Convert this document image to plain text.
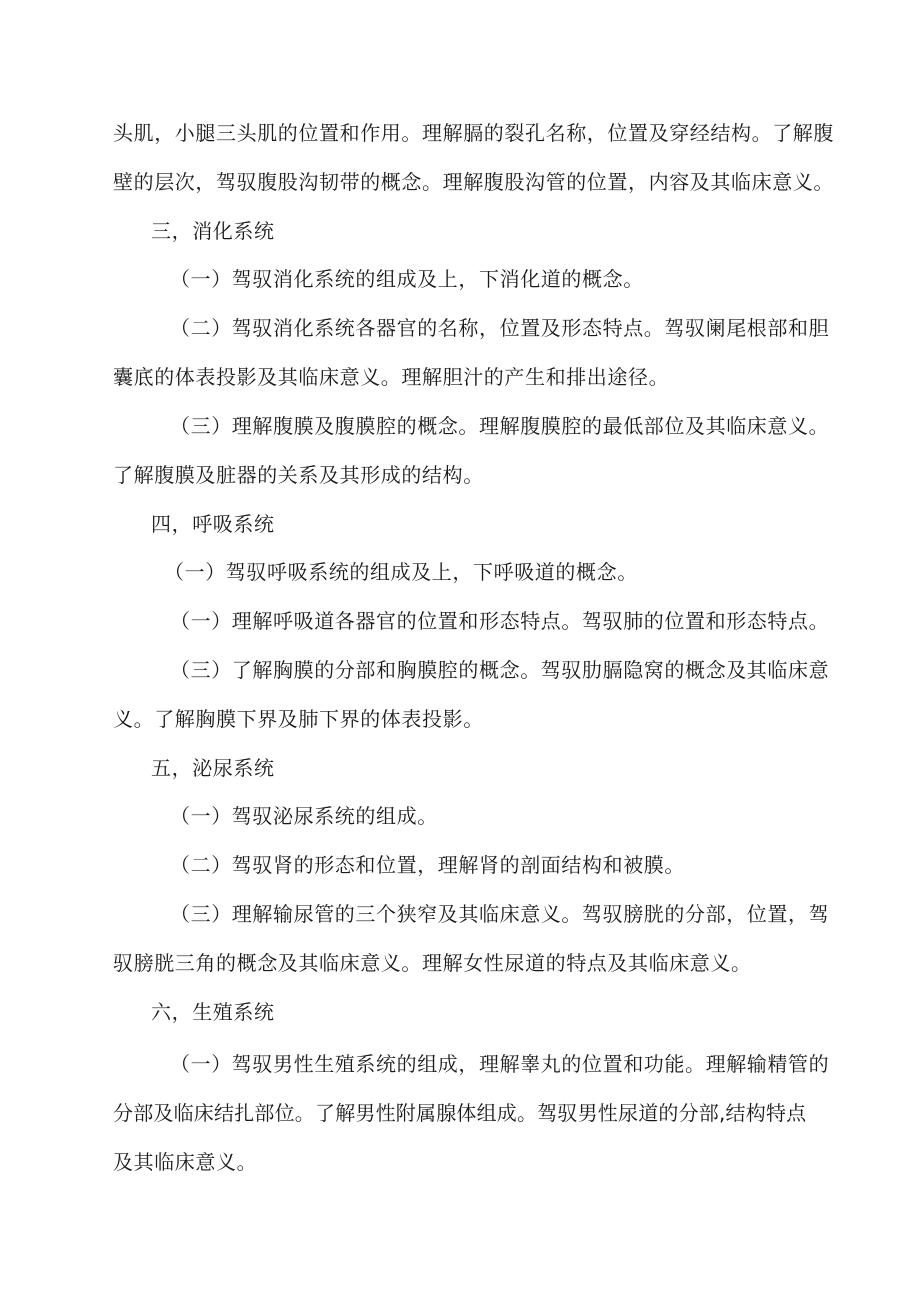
头肌，小腿三头肌的位置和作用。理解膈的裂孔名称，位置及穿经结构。了解腹

壁的层次，驾驭腹股沟韧带的概念。理解腹股沟管的位置，内容及其临床意义。

三，消化系统

（一）驾驭消化系统的组成及上，下消化道的概念。

（二）驾驭消化系统各器官的名称，位置及形态特点。驾驭阑尾根部和胆

囊底的体表投影及其临床意义。理解胆汁的产生和排出途径。

（三）理解腹膜及腹膜腔的概念。理解腹膜腔的最低部位及其临床意义。

了解腹膜及脏器的关系及其形成的结构。

四，呼吸系统

（一）驾驭呼吸系统的组成及上，下呼吸道的概念。

（一）理解呼吸道各器官的位置和形态特点。驾驭肺的位置和形态特点。

（三）了解胸膜的分部和胸膜腔的概念。驾驭肋膈隐窝的概念及其临床意

义。了解胸膜下界及肺下界的体表投影。

五，泌尿系统

（一）驾驭泌尿系统的组成。

（二）驾驭肾的形态和位置，理解肾的剖面结构和被膜。

（三）理解输尿管的三个狭窄及其临床意义。驾驭膀胱的分部，位置，驾

驭膀胱三角的概念及其临床意义。理解女性尿道的特点及其临床意义。

六，生殖系统

（一）驾驭男性生殖系统的组成，理解睾丸的位置和功能。理解输精管的

分部及临床结扎部位。了解男性附属腺体组成。驾驭男性尿道的分部,结构特点

及其临床意义。
